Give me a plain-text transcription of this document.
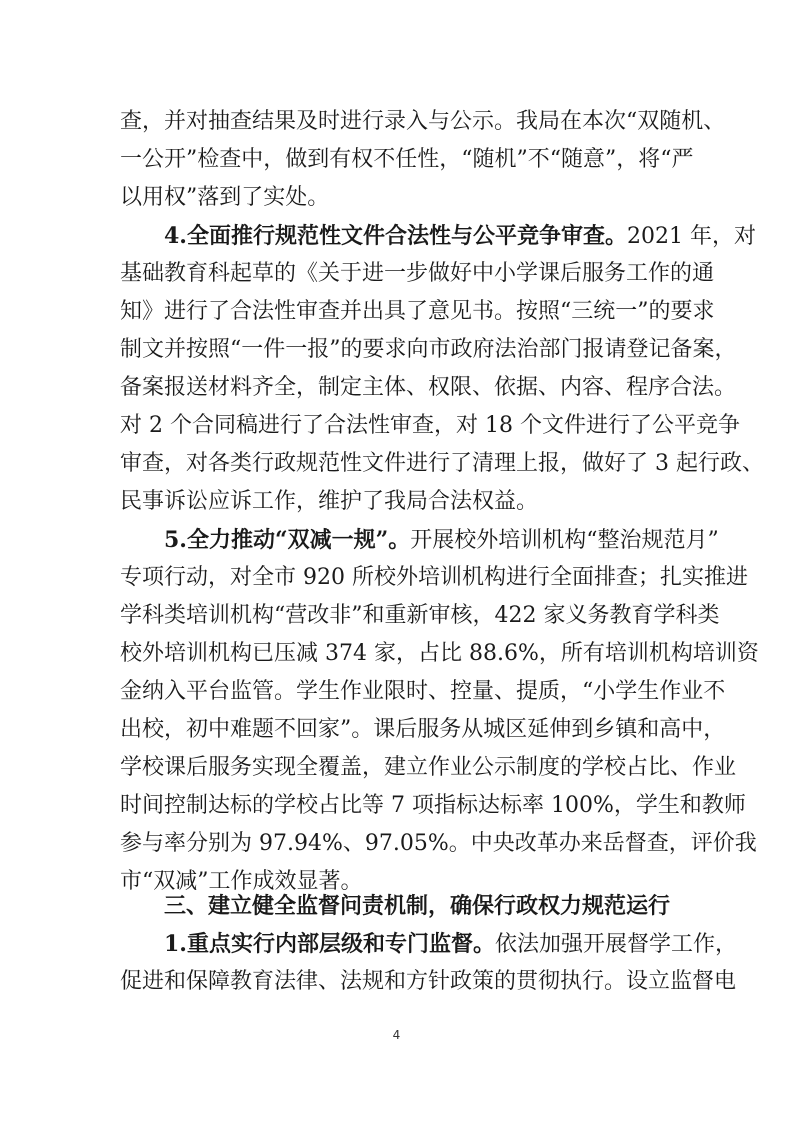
查，并对抽查结果及时进行录入与公示。我局在本次“双随机、
一公开”检查中，做到有权不任性，“随机”不“随意”，将“严
以用权”落到了实处。
4.全面推行规范性文件合法性与公平竞争审查。2021 年，对
基础教育科起草的《关于进一步做好中小学课后服务工作的通
知》进行了合法性审查并出具了意见书。按照“三统一”的要求
制文并按照“一件一报”的要求向市政府法治部门报请登记备案，
备案报送材料齐全，制定主体、权限、依据、内容、程序合法。
对 2 个合同稿进行了合法性审查，对 18 个文件进行了公平竞争
审查，对各类行政规范性文件进行了清理上报，做好了 3 起行政、
民事诉讼应诉工作，维护了我局合法权益。
5.全力推动“双减一规”。开展校外培训机构“整治规范月”
专项行动，对全市 920 所校外培训机构进行全面排查；扎实推进
学科类培训机构“营改非”和重新审核，422 家义务教育学科类
校外培训机构已压减 374 家，占比 88.6%，所有培训机构培训资
金纳入平台监管。学生作业限时、控量、提质，“小学生作业不
出校，初中难题不回家”。课后服务从城区延伸到乡镇和高中，
学校课后服务实现全覆盖，建立作业公示制度的学校占比、作业
时间控制达标的学校占比等 7 项指标达标率 100%，学生和教师
参与率分别为 97.94%、97.05%。中央改革办来岳督查，评价我
市“双减”工作成效显著。
三、建立健全监督问责机制，确保行政权力规范运行
1.重点实行内部层级和专门监督。依法加强开展督学工作，
促进和保障教育法律、法规和方针政策的贯彻执行。设立监督电
4
